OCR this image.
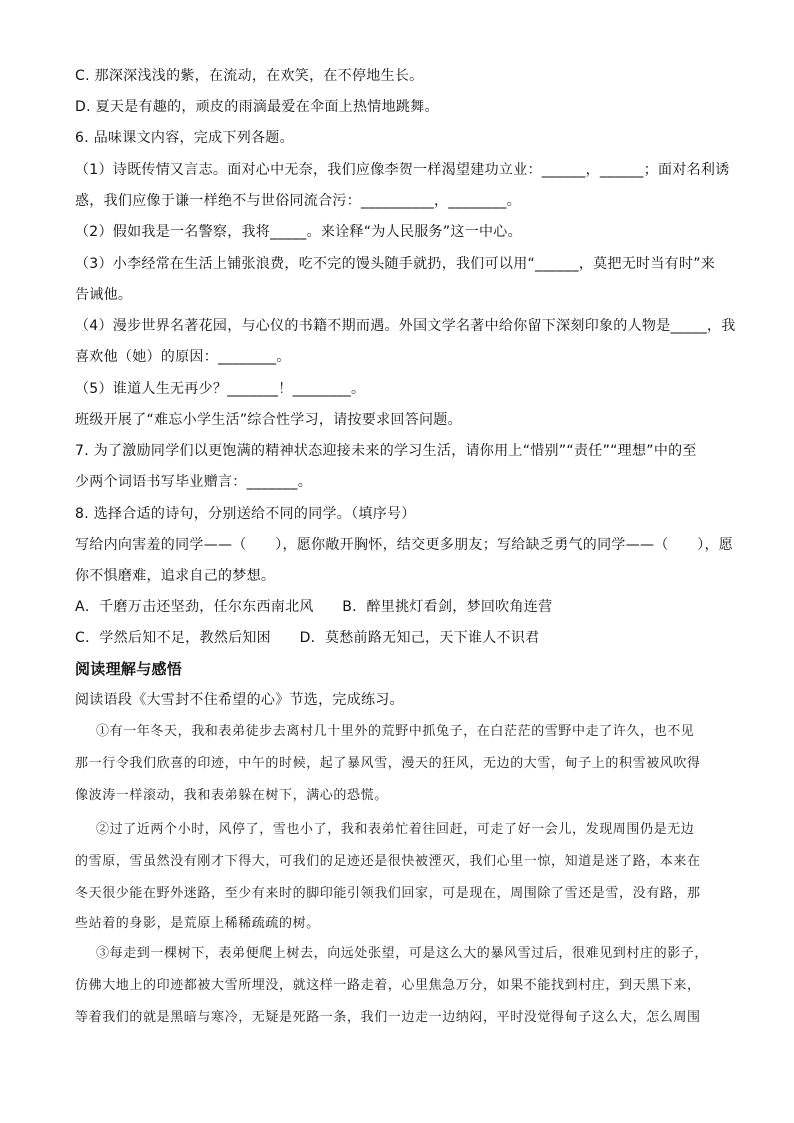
C. 那深深浅浅的紫，在流动，在欢笑，在不停地生长。

D. 夏天是有趣的，顽皮的雨滴最爱在伞面上热情地跳舞。

6. 品味课文内容，完成下列各题。

（1）诗既传情又言志。面对心中无奈，我们应像李贺一样渴望建功立业：______，______；面对名利诱

惑，我们应像于谦一样绝不与世俗同流合污：__________，________。

（2）假如我是一名警察，我将_____。来诠释“为人民服务”这一中心。

（3）小李经常在生活上铺张浪费，吃不完的馒头随手就扔，我们可以用“______，莫把无时当有时”来

告诫他。

（4）漫步世界名著花园，与心仪的书籍不期而遇。外国文学名著中给你留下深刻印象的人物是_____，我

喜欢他（她）的原因：________。

（5）谁道人生无再少？_______！________。

班级开展了“难忘小学生活”综合性学习，请按要求回答问题。

7. 为了激励同学们以更饱满的精神状态迎接未来的学习生活，请你用上“惜别”“责任”“理想”中的至

少两个词语书写毕业赠言：_______。

8. 选择合适的诗句，分别送给不同的同学。（填序号）

写给内向害羞的同学——（　　），愿你敞开胸怀，结交更多朋友；写给缺乏勇气的同学——（　　），愿

你不惧磨难，追求自己的梦想。

A．千磨万击还坚劲，任尔东西南北风　　B．醉里挑灯看剑，梦回吹角连营

C．学然后知不足，教然后知困　　D．莫愁前路无知己，天下谁人不识君

阅读理解与感悟

阅读语段《大雪封不住希望的心》节选，完成练习。

①有一年冬天，我和表弟徒步去离村几十里外的荒野中抓兔子，在白茫茫的雪野中走了许久，也不见

那一行令我们欣喜的印迹，中午的时候，起了暴风雪，漫天的狂风，无边的大雪，甸子上的积雪被风吹得

像波涛一样滚动，我和表弟躲在树下，满心的恐慌。

②过了近两个小时，风停了，雪也小了，我和表弟忙着往回赶，可走了好一会儿，发现周围仍是无边

的雪原，雪虽然没有刚才下得大，可我们的足迹还是很快被湮灭，我们心里一惊，知道是迷了路，本来在

冬天很少能在野外迷路，至少有来时的脚印能引领我们回家，可是现在，周围除了雪还是雪，没有路，那

些站着的身影，是荒原上稀稀疏疏的树。

③每走到一棵树下，表弟便爬上树去，向远处张望，可是这么大的暴风雪过后，很难见到村庄的影子，

仿佛大地上的印迹都被大雪所埋没，就这样一路走着，心里焦急万分，如果不能找到村庄，到天黑下来，

等着我们的就是黑暗与寒冷，无疑是死路一条，我们一边走一边纳闷，平时没觉得甸子这么大，怎么周围
